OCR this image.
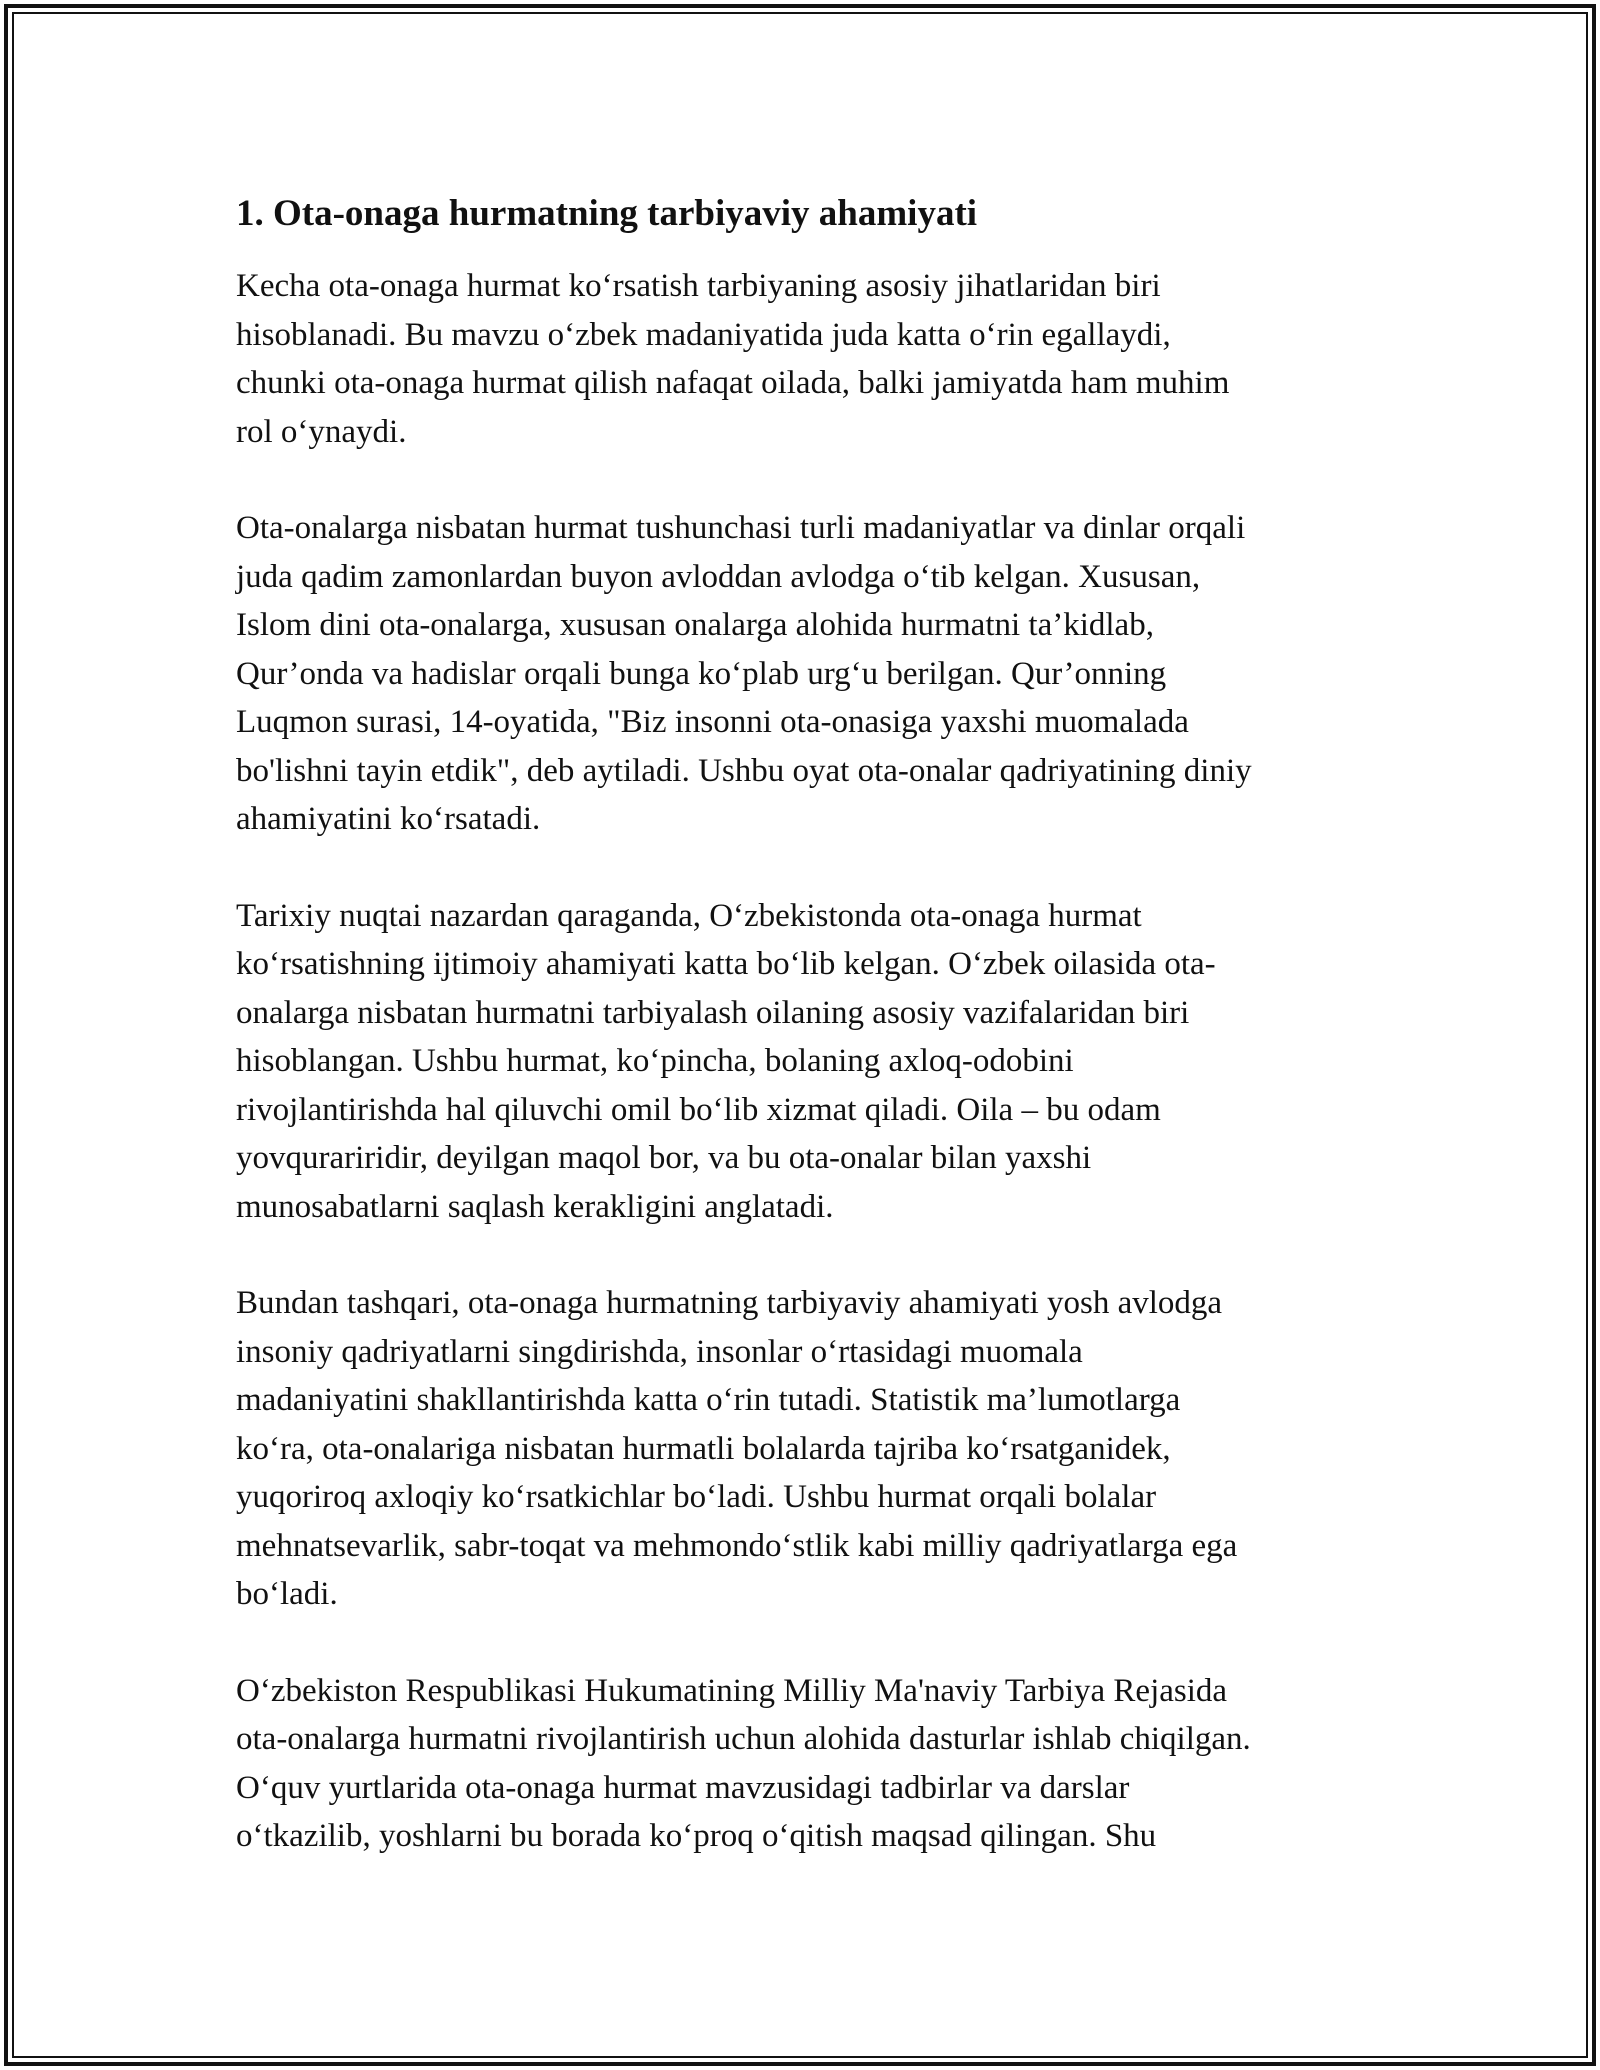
1. Ota-onaga hurmatning tarbiyaviy ahamiyati

Kecha ota-onaga hurmat koʻrsatish tarbiyaning asosiy jihatlaridan biri
hisoblanadi. Bu mavzu oʻzbek madaniyatida juda katta oʻrin egallaydi,
chunki ota-onaga hurmat qilish nafaqat oilada, balki jamiyatda ham muhim
rol oʻynaydi.

Ota-onalarga nisbatan hurmat tushunchasi turli madaniyatlar va dinlar orqali
juda qadim zamonlardan buyon avloddan avlodga oʻtib kelgan. Xususan,
Islom dini ota-onalarga, xususan onalarga alohida hurmatni ta’kidlab,
Qur’onda va hadislar orqali bunga koʻplab urgʻu berilgan. Qur’onning
Luqmon surasi, 14-oyatida, "Biz insonni ota-onasiga yaxshi muomalada
bo'lishni tayin etdik", deb aytiladi. Ushbu oyat ota-onalar qadriyatining diniy
ahamiyatini koʻrsatadi.

Tarixiy nuqtai nazardan qaraganda, Oʻzbekistonda ota-onaga hurmat
koʻrsatishning ijtimoiy ahamiyati katta boʻlib kelgan. Oʻzbek oilasida ota-
onalarga nisbatan hurmatni tarbiyalash oilaning asosiy vazifalaridan biri
hisoblangan. Ushbu hurmat, koʻpincha, bolaning axloq-odobini
rivojlantirishda hal qiluvchi omil boʻlib xizmat qiladi. Oila – bu odam
yovqurariridir, deyilgan maqol bor, va bu ota-onalar bilan yaxshi
munosabatlarni saqlash kerakligini anglatadi.

Bundan tashqari, ota-onaga hurmatning tarbiyaviy ahamiyati yosh avlodga
insoniy qadriyatlarni singdirishda, insonlar oʻrtasidagi muomala
madaniyatini shakllantirishda katta oʻrin tutadi. Statistik ma’lumotlarga
koʻra, ota-onalariga nisbatan hurmatli bolalarda tajriba koʻrsatganidek,
yuqoriroq axloqiy koʻrsatkichlar boʻladi. Ushbu hurmat orqali bolalar
mehnatsevarlik, sabr-toqat va mehmondoʻstlik kabi milliy qadriyatlarga ega
boʻladi.

Oʻzbekiston Respublikasi Hukumatining Milliy Ma'naviy Tarbiya Rejasida
ota-onalarga hurmatni rivojlantirish uchun alohida dasturlar ishlab chiqilgan.
Oʻquv yurtlarida ota-onaga hurmat mavzusidagi tadbirlar va darslar
oʻtkazilib, yoshlarni bu borada koʻproq oʻqitish maqsad qilingan. Shu
